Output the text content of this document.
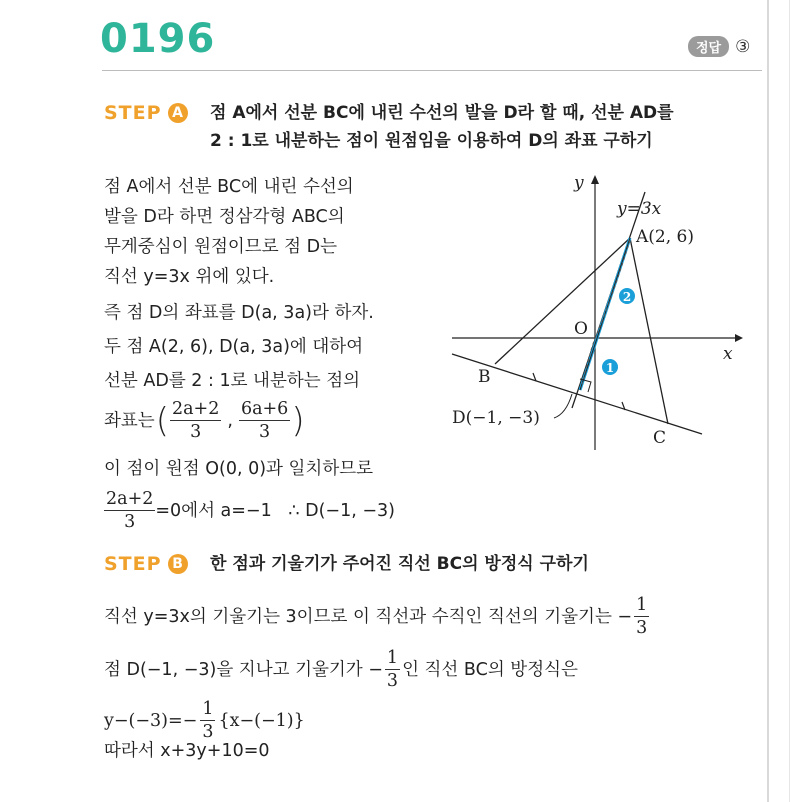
0196	정답 ③
STEP A 점 A에서 선분 BC에 내린 수선의 발을 D라 할 때, 선분 AD를
2 : 1로 내분하는 점이 원점임을 이용하여 D의 좌표 구하기
점 A에서 선분 BC에 내린 수선의
발을 D라 하면 정삼각형 ABC의
무게중심이 원점이므로 점 D는
직선 y=3x 위에 있다.
즉 점 D의 좌표를 D(a, 3a)라 하자.
두 점 A(2, 6), D(a, 3a)에 대하여
선분 AD를 2 : 1로 내분하는 점의
좌표는 ( $\frac{2a+2}{3}$ , $\frac{6a+6}{3}$ )
이 점이 원점 O(0, 0)과 일치하므로
$\frac{2a+2}{3} =0$에서 a=−1   ∴ D(−1, −3)
2
1
y
x
y=3x
A(2, 6)
O
B
C
D(−1, −3)
STEP B 한 점과 기울기가 주어진 직선 BC의 방정식 구하기
직선 y=3x의 기울기는 3이므로 이 직선과 수직인 직선의 기울기는 − $\frac{1}{3}$
점 D(−1, −3)을 지나고 기울기가 − $\frac{1}{3}$ 인 직선 BC의 방정식은
$y-(-3)=- \frac{1}{3} \{x-(-1)\}$
따라서 x+3y+10=0
